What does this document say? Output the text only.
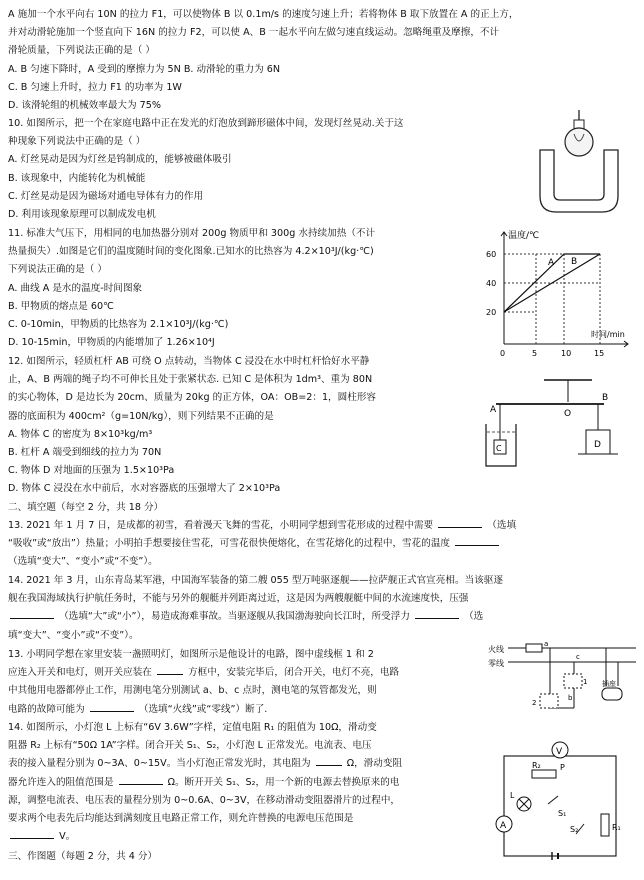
A 施加一个水平向右 10N 的拉力 F1，可以使物体 B 以 0.1m/s 的速度匀速上升；若将物体 B 取下放置在 A 的正上方，
并对动滑轮施加一个竖直向下 16N 的拉力 F2，可以使 A、B 一起水平向左做匀速直线运动。忽略绳重及摩擦，不计
滑轮质量，下列说法正确的是（ ）
A. B 匀速下降时，A 受到的摩擦力为 5N B. 动滑轮的重力为 6N
C. B 匀速上升时，拉力 F1 的功率为 1W
D. 该滑轮组的机械效率最大为 75%
10. 如图所示，把一个在家庭电路中正在发光的灯泡放到蹄形磁体中间，发现灯丝晃动.关于这
种现象下列说法中正确的是（ ）
A. 灯丝晃动是因为灯丝是钨制成的，能够被磁体吸引
B. 该现象中，内能转化为机械能
C. 灯丝晃动是因为磁场对通电导体有力的作用
D. 利用该现象原理可以制成发电机
11. 标准大气压下，用相同的电加热器分别对 200g 物质甲和 300g 水持续加热（不计
热量损失）.如图是它们的温度随时间的变化图象.已知水的比热容为 4.2×10³J/(kg·℃)
下列说法正确的是（ ）
A. 曲线 A 是水的温度-时间图象
B. 甲物质的熔点是 60℃
C. 0-10min，甲物质的比热容为 2.1×10³J/(kg·℃)
D. 10-15min，甲物质的内能增加了 1.26×10⁴J
12. 如图所示，轻质杠杆 AB 可绕 O 点转动，当物体 C 浸没在水中时杠杆恰好水平静
止，A、B 两端的绳子均不可伸长且处于张紧状态. 已知 C 是体积为 1dm³、重为 80N
的实心物体，D 是边长为 20cm、质量为 20kg 的正方体，OA：OB=2：1，圆柱形容
器的底面积为 400cm²（g=10N/kg），则下列结果不正确的是
A. 物体 C 的密度为 8×10³kg/m³
B. 杠杆 A 端受到细线的拉力为 70N
C. 物体 D 对地面的压强为 1.5×10³Pa
D. 物体 C 浸没在水中前后，水对容器底的压强增大了 2×10³Pa
二、填空题（每空 2 分，共 18 分）
13. 2021 年 1 月 7 日，是成都的初雪，看着漫天飞舞的雪花，小明同学想到雪花形成的过程中需要	（选填
“吸收”或“放出”）热量；小明拍手想要接住雪花，可雪花很快便熔化，在雪花熔化的过程中，雪花的温度
（选填“变大”、“变小”或“不变”）。
14. 2021 年 3 月，山东青岛某军港，中国海军装备的第二艘 055 型万吨驱逐舰——拉萨舰正式官宣亮相。当该驱逐
舰在我国海域执行护航任务时，不能与另外的舰艇并列距离过近，这是因为两艘舰艇中间的水流速度快，压强
（选填“大”或“小”），易造成海难事故。当驱逐舰从我国渤海驶向长江时，所受浮力	（选
填“变大”、“变小”或“不变”）。
13. 小明同学想在家里安装一盏照明灯，如图所示是他设计的电路，图中虚线框 1 和 2
应连入开关和电灯，则开关应装在	方框中，安装完毕后，闭合开关，电灯不亮，电路
中其他用电器都停止工作，用测电笔分别测试 a、b、c 点时，测电笔的氖管都发光，则
电路的故障可能为	（选填“火线”或“零线”）断了.
14. 如图所示，小灯泡 L 上标有“6V 3.6W”字样，定值电阻 R₁ 的阻值为 10Ω，滑动变
阻器 R₂ 上标有“50Ω 1A”字样。闭合开关 S₁、S₂，小灯泡 L 正常发光。电流表、电压
表的接入量程分别为 0~3A、0~15V。当小灯泡正常发光时，其电阻为	Ω，滑动变阻
器允许连入的阻值范围是	Ω。断开开关 S₁、S₂，用一个新的电源去替换原来的电
源，调整电流表、电压表的量程分别为 0~0.6A、0~3V，在移动滑动变阻器滑片的过程中，
要求两个电表先后均能达到满刻度且电路正常工作，则允许替换的电源电压范围是
V。
三、作图题（每题 2 分，共 4 分）
温度/℃
时间/min
60
40
20
0	5	10	15
A B
A	O
B
C	D
火线
零线
1
2
a
b
c
插座
V
R₂ P
L
A
S₁
S₂	R₁
